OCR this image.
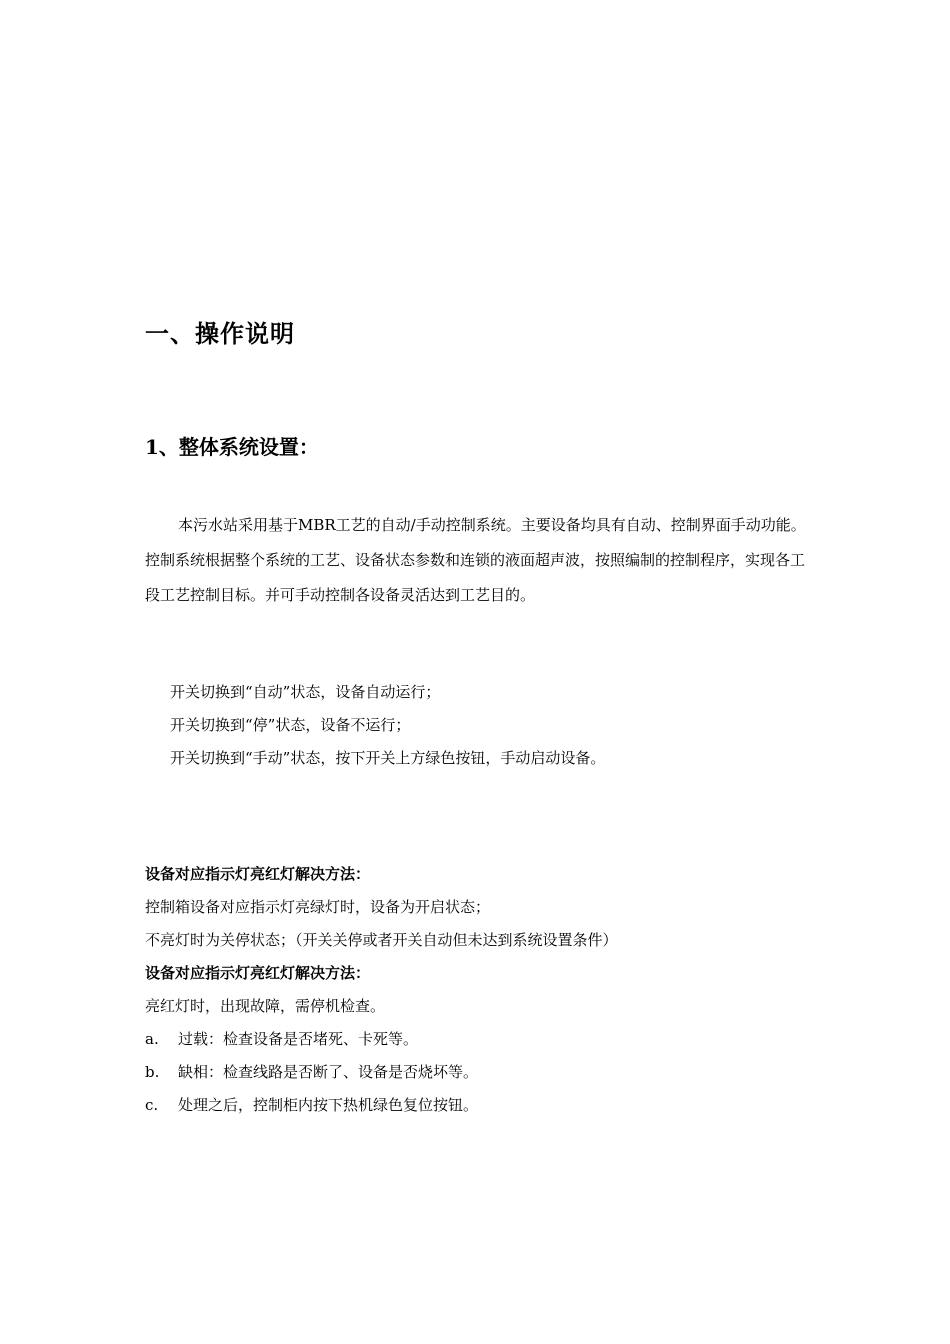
一、操作说明
1、整体系统设置：

本污水站采用基于MBR工艺的自动/手动控制系统。主要设备均具有自动、控制界面手动功能。控制系统根据整个系统的工艺、设备状态参数和连锁的液面超声波，按照编制的控制程序，实现各工段工艺控制目标。并可手动控制各设备灵活达到工艺目的。

开关切换到“自动”状态，设备自动运行；
开关切换到“停”状态，设备不运行；
开关切换到“手动”状态，按下开关上方绿色按钮，手动启动设备。
设备对应指示灯亮红灯解决方法：
控制箱设备对应指示灯亮绿灯时，设备为开启状态；
不亮灯时为关停状态；（开关关停或者开关自动但未达到系统设置条件）
设备对应指示灯亮红灯解决方法：
亮红灯时，出现故障，需停机检查。
a. 过载：检查设备是否堵死、卡死等。
b. 缺相：检查线路是否断了、设备是否烧坏等。
c. 处理之后，控制柜内按下热机绿色复位按钮。
